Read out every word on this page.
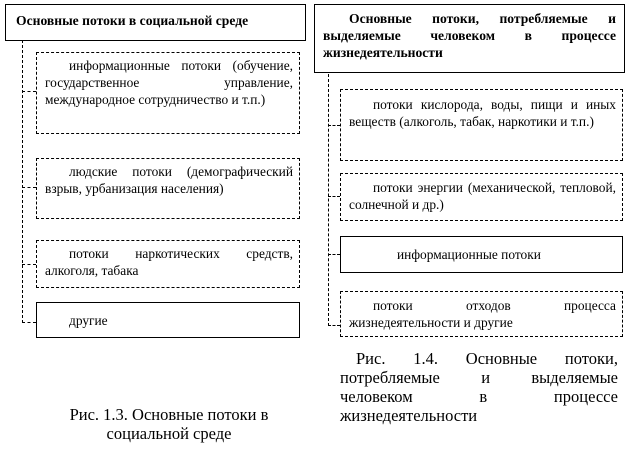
Основные потоки в социальной среде
информационные потоки (обучение, государственное управление, международное сотрудничество и т.п.)
людские потоки (демографический взрыв, урбанизация населения)
потоки наркотических средств, алкоголя, табака
другие
Рис. 1.3. Основные потоки в социальной среде
Основные потоки, потребляемые и выделяемые человеком в процессе жизнедеятельности
потоки кислорода, воды, пищи и иных веществ (алкоголь, табак, наркотики и т.п.)
потоки энергии (механической, тепловой, солнечной и др.)
информационные потоки
потоки отходов процесса жизнедеятельности и другие
Рис. 1.4. Основные потоки, потребляемые и выделяемые человеком в процессе жизнедеятельности
